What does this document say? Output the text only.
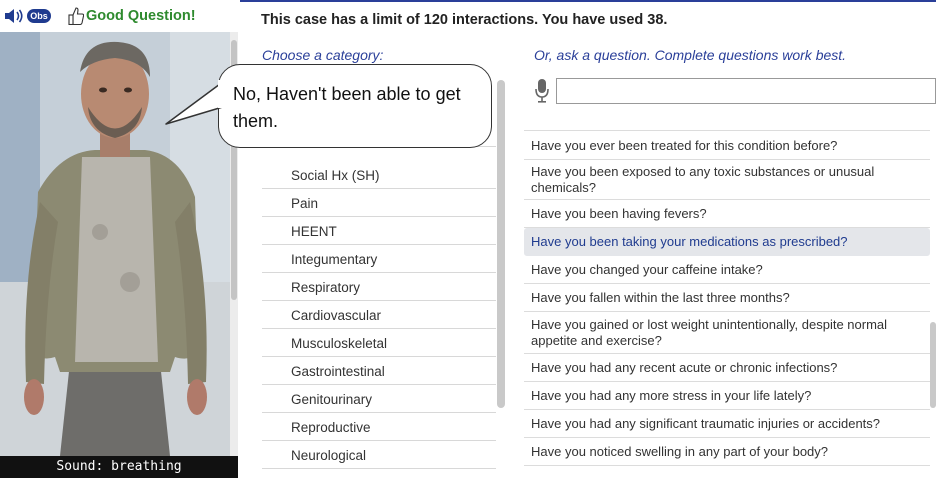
Obs	Good Question!
Sound: breathing
No, Haven't been able to get them.
This case has a limit of 120 interactions. You have used 38.
Choose a category:	Or, ask a question. Complete questions work best.
Social Hx (SH)
Pain
HEENT
Integumentary
Respiratory
Cardiovascular
Musculoskeletal
Gastrointestinal
Genitourinary
Reproductive
Neurological
Have you ever been treated for this condition before?
Have you been exposed to any toxic substances or unusual chemicals?
Have you been having fevers?
Have you been taking your medications as prescribed?
Have you changed your caffeine intake?
Have you fallen within the last three months?
Have you gained or lost weight unintentionally, despite normal appetite and exercise?
Have you had any recent acute or chronic infections?
Have you had any more stress in your life lately?
Have you had any significant traumatic injuries or accidents?
Have you noticed swelling in any part of your body?
